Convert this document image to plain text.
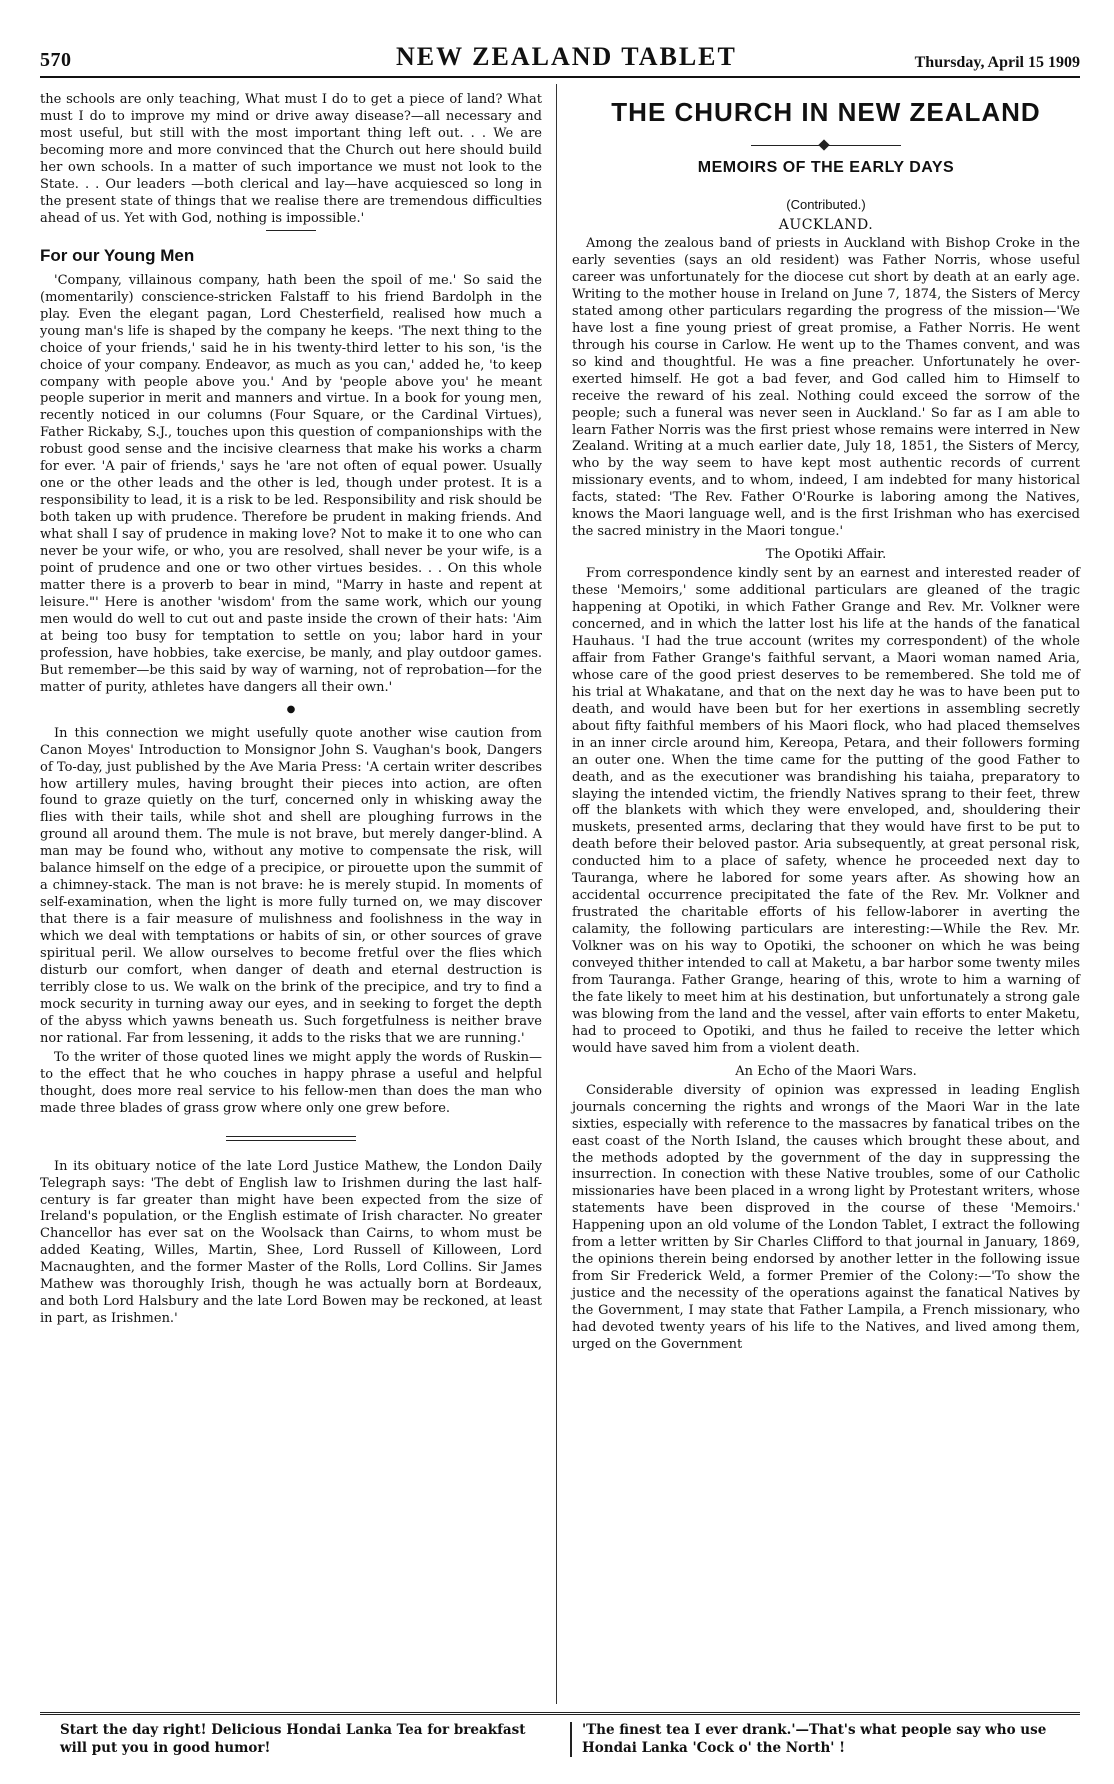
570	NEW ZEALAND TABLET	Thursday, April 15 1909

the schools are only teaching, What must I do to get a piece of land? What must I do to improve my mind or drive away disease?—all necessary and most useful, but still with the most important thing left out. . . We are becoming more and more convinced that the Church out here should build her own schools. In a matter of such importance we must not look to the State. . . Our leaders —both clerical and lay—have acquiesced so long in the present state of things that we realise there are tremendous difficulties ahead of us. Yet with God, nothing is impossible.'

For our Young Men

'Company, villainous company, hath been the spoil of me.' So said the (momentarily) conscience-stricken Falstaff to his friend Bardolph in the play. Even the elegant pagan, Lord Chesterfield, realised how much a young man's life is shaped by the company he keeps. 'The next thing to the choice of your friends,' said he in his twenty-third letter to his son, 'is the choice of your company. Endeavor, as much as you can,' added he, 'to keep company with people above you.' And by 'people above you' he meant people superior in merit and manners and virtue. In a book for young men, recently noticed in our columns (Four Square, or the Cardinal Virtues), Father Rickaby, S.J., touches upon this question of companionships with the robust good sense and the incisive clearness that make his works a charm for ever. 'A pair of friends,' says he 'are not often of equal power. Usually one or the other leads and the other is led, though under protest. It is a responsibility to lead, it is a risk to be led. Responsibility and risk should be both taken up with prudence. Therefore be prudent in making friends. And what shall I say of prudence in making love? Not to make it to one who can never be your wife, or who, you are resolved, shall never be your wife, is a point of prudence and one or two other virtues besides. . . On this whole matter there is a proverb to bear in mind, "Marry in haste and repent at leisure."' Here is another 'wisdom' from the same work, which our young men would do well to cut out and paste inside the crown of their hats: 'Aim at being too busy for temptation to settle on you; labor hard in your profession, have hobbies, take exercise, be manly, and play outdoor games. But remember—be this said by way of warning, not of reprobation—for the matter of purity, athletes have dangers all their own.'

●

In this connection we might usefully quote another wise caution from Canon Moyes' Introduction to Monsignor John S. Vaughan's book, Dangers of To-day, just published by the Ave Maria Press: 'A certain writer describes how artillery mules, having brought their pieces into action, are often found to graze quietly on the turf, concerned only in whisking away the flies with their tails, while shot and shell are ploughing furrows in the ground all around them. The mule is not brave, but merely danger-blind. A man may be found who, without any motive to compensate the risk, will balance himself on the edge of a precipice, or pirouette upon the summit of a chimney-stack. The man is not brave: he is merely stupid. In moments of self-examination, when the light is more fully turned on, we may discover that there is a fair measure of mulishness and foolishness in the way in which we deal with temptations or habits of sin, or other sources of grave spiritual peril. We allow ourselves to become fretful over the flies which disturb our comfort, when danger of death and eternal destruction is terribly close to us. We walk on the brink of the precipice, and try to find a mock security in turning away our eyes, and in seeking to forget the depth of the abyss which yawns beneath us. Such forgetfulness is neither brave nor rational. Far from lessening, it adds to the risks that we are running.'

To the writer of those quoted lines we might apply the words of Ruskin—to the effect that he who couches in happy phrase a useful and helpful thought, does more real service to his fellow-men than does the man who made three blades of grass grow where only one grew before.

In its obituary notice of the late Lord Justice Mathew, the London Daily Telegraph says: 'The debt of English law to Irishmen during the last half-century is far greater than might have been expected from the size of Ireland's population, or the English estimate of Irish character. No greater Chancellor has ever sat on the Woolsack than Cairns, to whom must be added Keating, Willes, Martin, Shee, Lord Russell of Killoween, Lord Macnaughten, and the former Master of the Rolls, Lord Collins. Sir James Mathew was thoroughly Irish, though he was actually born at Bordeaux, and both Lord Halsbury and the late Lord Bowen may be reckoned, at least in part, as Irishmen.'

THE CHURCH IN NEW ZEALAND
MEMOIRS OF THE EARLY DAYS
(Contributed.)
AUCKLAND.

Among the zealous band of priests in Auckland with Bishop Croke in the early seventies (says an old resident) was Father Norris, whose useful career was unfortunately for the diocese cut short by death at an early age. Writing to the mother house in Ireland on June 7, 1874, the Sisters of Mercy stated among other particulars regarding the progress of the mission—'We have lost a fine young priest of great promise, a Father Norris. He went through his course in Carlow. He went up to the Thames convent, and was so kind and thoughtful. He was a fine preacher. Unfortunately he over-exerted himself. He got a bad fever, and God called him to Himself to receive the reward of his zeal. Nothing could exceed the sorrow of the people; such a funeral was never seen in Auckland.' So far as I am able to learn Father Norris was the first priest whose remains were interred in New Zealand. Writing at a much earlier date, July 18, 1851, the Sisters of Mercy, who by the way seem to have kept most authentic records of current missionary events, and to whom, indeed, I am indebted for many historical facts, stated: 'The Rev. Father O'Rourke is laboring among the Natives, knows the Maori language well, and is the first Irishman who has exercised the sacred ministry in the Maori tongue.'

The Opotiki Affair.

From correspondence kindly sent by an earnest and interested reader of these 'Memoirs,' some additional particulars are gleaned of the tragic happening at Opotiki, in which Father Grange and Rev. Mr. Volkner were concerned, and in which the latter lost his life at the hands of the fanatical Hauhaus. 'I had the true account (writes my correspondent) of the whole affair from Father Grange's faithful servant, a Maori woman named Aria, whose care of the good priest deserves to be remembered. She told me of his trial at Whakatane, and that on the next day he was to have been put to death, and would have been but for her exertions in assembling secretly about fifty faithful members of his Maori flock, who had placed themselves in an inner circle around him, Kereopa, Petara, and their followers forming an outer one. When the time came for the putting of the good Father to death, and as the executioner was brandishing his taiaha, preparatory to slaying the intended victim, the friendly Natives sprang to their feet, threw off the blankets with which they were enveloped, and, shouldering their muskets, presented arms, declaring that they would have first to be put to death before their beloved pastor. Aria subsequently, at great personal risk, conducted him to a place of safety, whence he proceeded next day to Tauranga, where he labored for some years after. As showing how an accidental occurrence precipitated the fate of the Rev. Mr. Volkner and frustrated the charitable efforts of his fellow-laborer in averting the calamity, the following particulars are interesting:—While the Rev. Mr. Volkner was on his way to Opotiki, the schooner on which he was being conveyed thither intended to call at Maketu, a bar harbor some twenty miles from Tauranga. Father Grange, hearing of this, wrote to him a warning of the fate likely to meet him at his destination, but unfortunately a strong gale was blowing from the land and the vessel, after vain efforts to enter Maketu, had to proceed to Opotiki, and thus he failed to receive the letter which would have saved him from a violent death.

An Echo of the Maori Wars.

Considerable diversity of opinion was expressed in leading English journals concerning the rights and wrongs of the Maori War in the late sixties, especially with reference to the massacres by fanatical tribes on the east coast of the North Island, the causes which brought these about, and the methods adopted by the government of the day in suppressing the insurrection. In conection with these Native troubles, some of our Catholic missionaries have been placed in a wrong light by Protestant writers, whose statements have been disproved in the course of these 'Memoirs.' Happening upon an old volume of the London Tablet, I extract the following from a letter written by Sir Charles Clifford to that journal in January, 1869, the opinions therein being endorsed by another letter in the following issue from Sir Frederick Weld, a former Premier of the Colony:—'To show the justice and the necessity of the operations against the fanatical Natives by the Government, I may state that Father Lampila, a French missionary, who had devoted twenty years of his life to the Natives, and lived among them, urged on the Government

Start the day right! Delicious Hondai Lanka Tea for breakfast will put you in good humor!
'The finest tea I ever drank.'—That's what people say who use Hondai Lanka 'Cock o' the North' !
